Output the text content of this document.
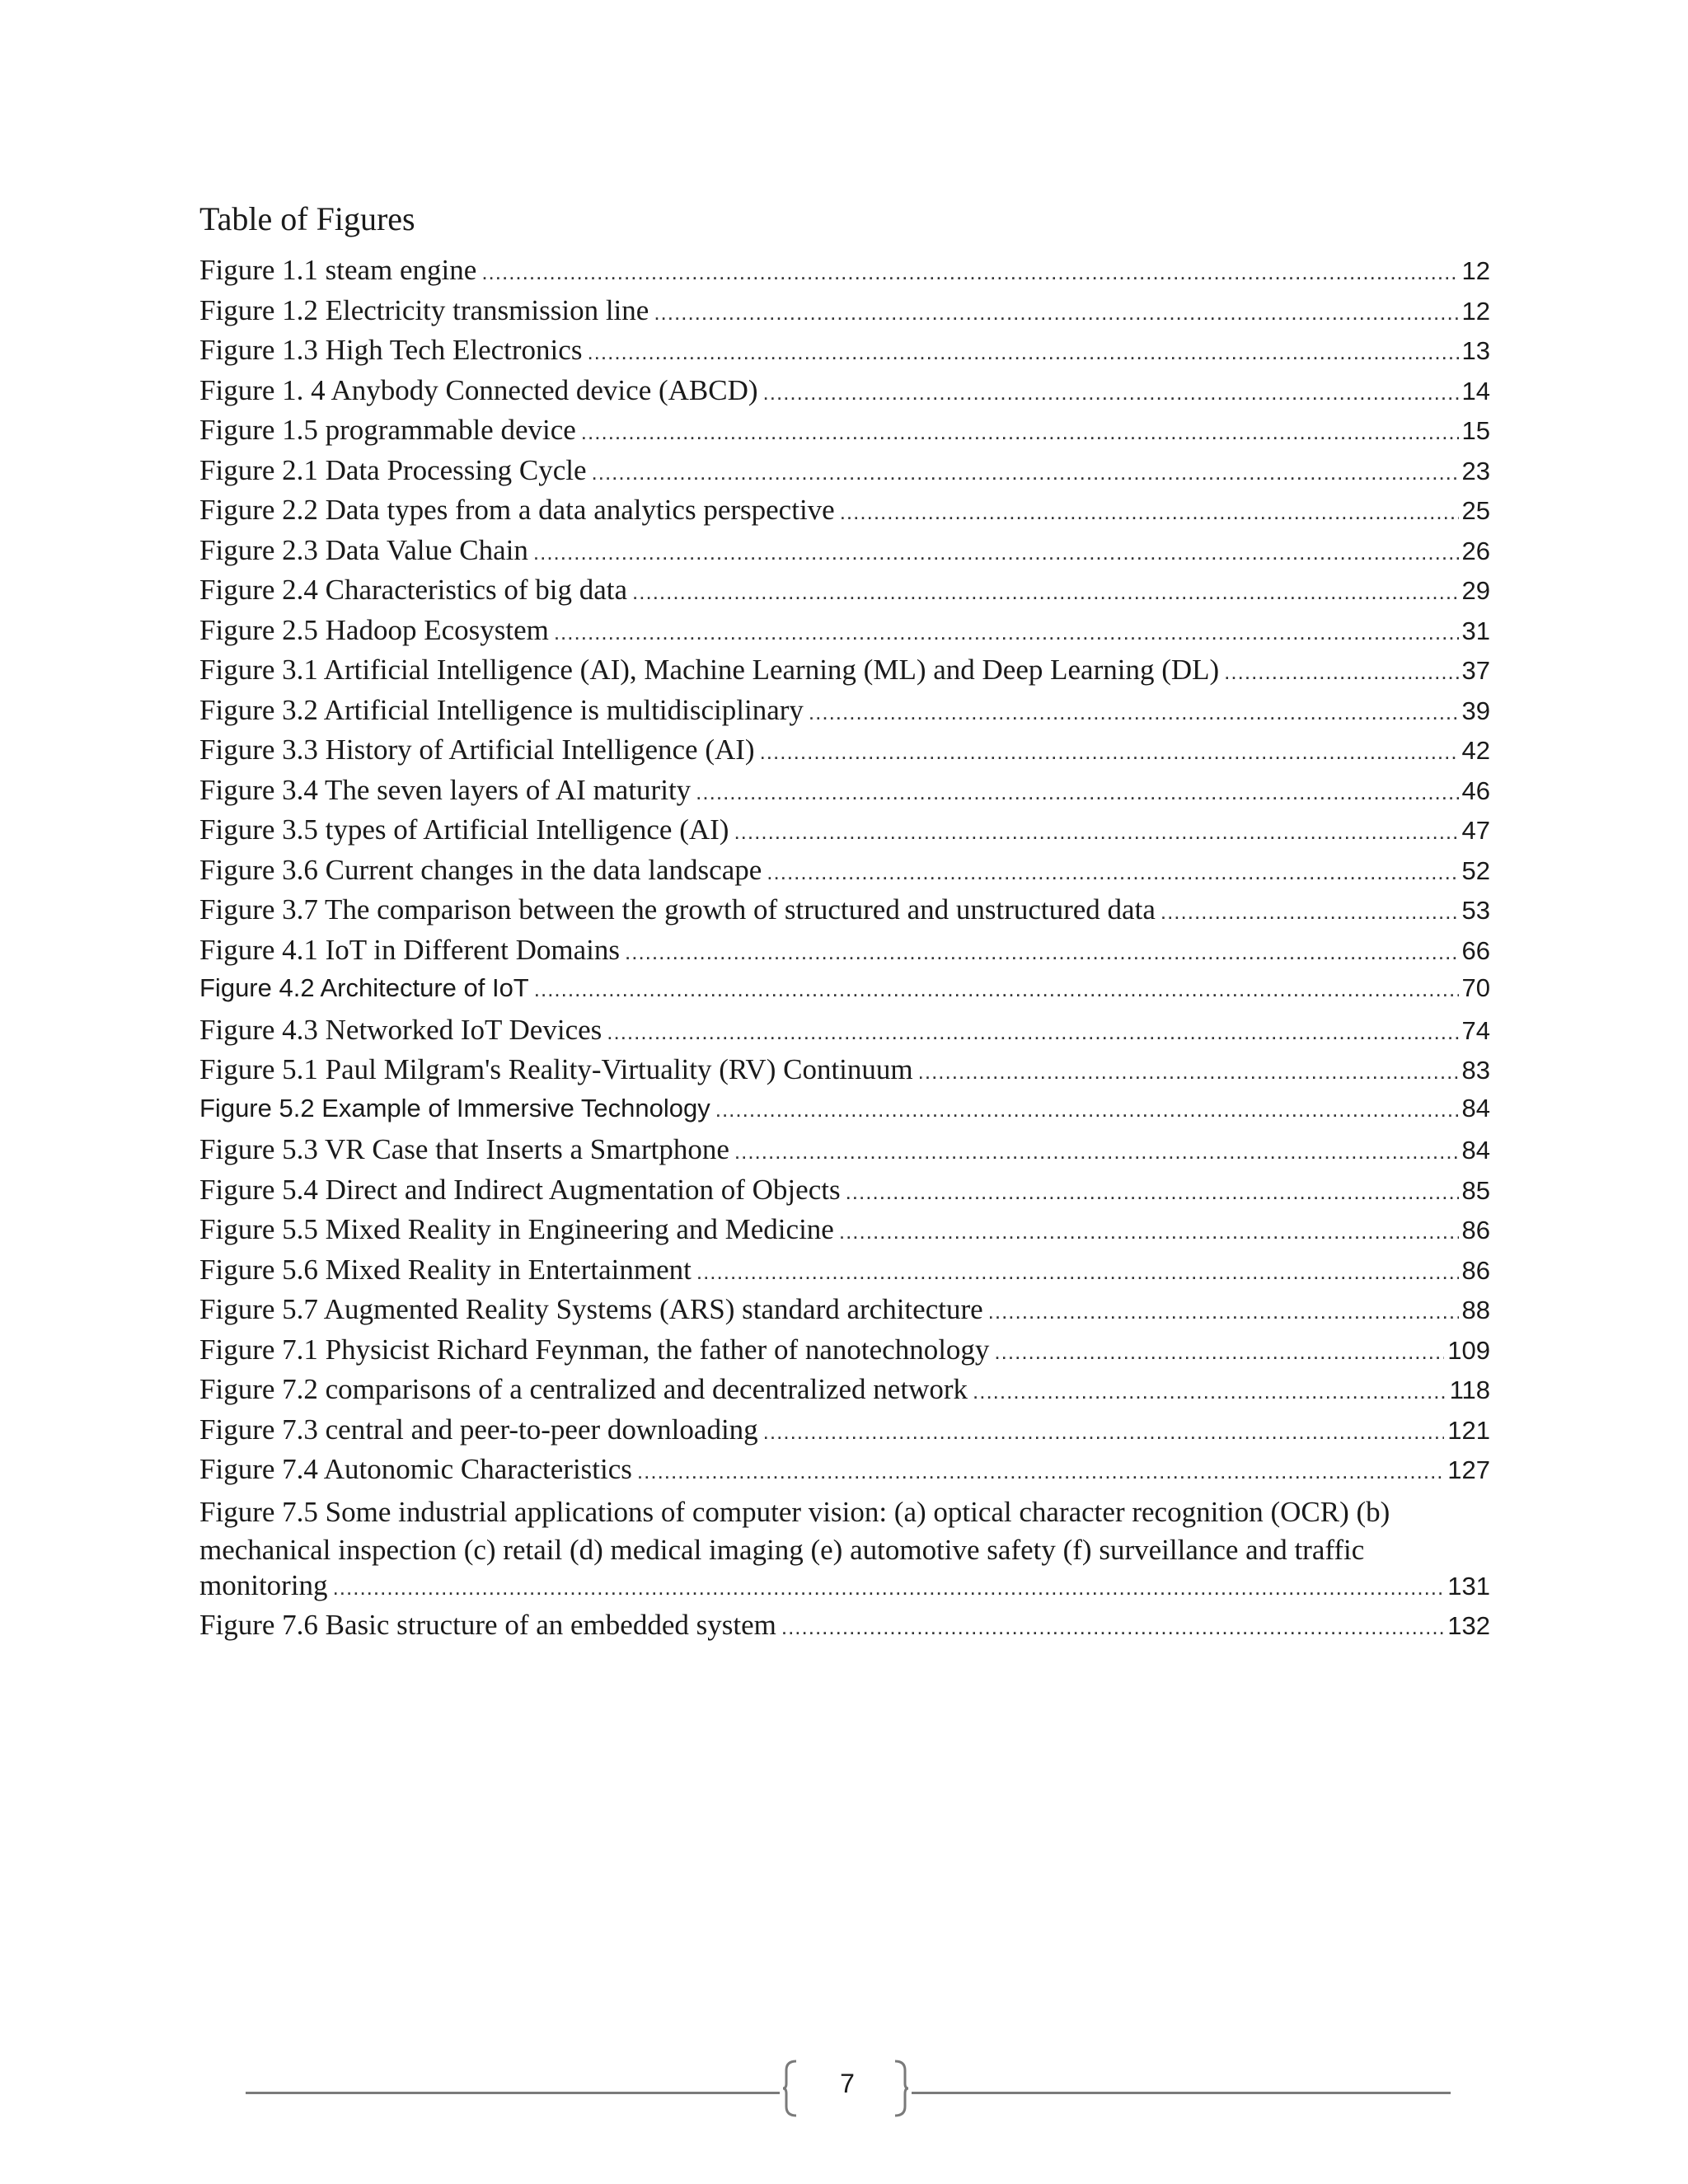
Table of Figures
Figure 1.1 steam engine .....	12
Figure 1.2 Electricity transmission line .....	12
Figure 1.3 High Tech Electronics .....	13
Figure 1. 4 Anybody Connected device (ABCD) .....	14
Figure 1.5 programmable device .....	15
Figure 2.1 Data Processing Cycle .....	23
Figure 2.2 Data types from a data analytics perspective .....	25
Figure 2.3 Data Value Chain .....	26
Figure 2.4 Characteristics of big data .....	29
Figure 2.5 Hadoop Ecosystem .....	31
Figure 3.1 Artificial Intelligence (AI), Machine Learning (ML) and Deep Learning (DL) .....	37
Figure 3.2 Artificial Intelligence is multidisciplinary .....	39
Figure 3.3 History of Artificial Intelligence (AI) .....	42
Figure 3.4 The seven layers of AI maturity .....	46
Figure 3.5 types of Artificial Intelligence (AI) .....	47
Figure 3.6 Current changes in the data landscape .....	52
Figure 3.7 The comparison between the growth of structured and unstructured data .....	53
Figure 4.1 IoT in Different Domains .....	66
Figure 4.2 Architecture of IoT .....	70
Figure 4.3 Networked IoT Devices .....	74
Figure 5.1 Paul Milgram's Reality-Virtuality (RV) Continuum .....	83
Figure 5.2 Example of Immersive Technology .....	84
Figure 5.3 VR Case that Inserts a Smartphone .....	84
Figure 5.4 Direct and Indirect Augmentation of Objects .....	85
Figure 5.5 Mixed Reality in Engineering and Medicine .....	86
Figure 5.6 Mixed Reality in Entertainment .....	86
Figure 5.7 Augmented Reality Systems (ARS) standard architecture .....	88
Figure 7.1 Physicist Richard Feynman, the father of nanotechnology .....	109
Figure 7.2 comparisons of a centralized and decentralized network .....	118
Figure 7.3 central and peer-to-peer downloading .....	121
Figure 7.4 Autonomic Characteristics .....	127
Figure 7.5 Some industrial applications of computer vision: (a) optical character recognition (OCR) (b)
mechanical inspection (c) retail (d) medical imaging (e) automotive safety (f) surveillance and traffic
monitoring .....	131
Figure 7.6 Basic structure of an embedded system .....	132
7
